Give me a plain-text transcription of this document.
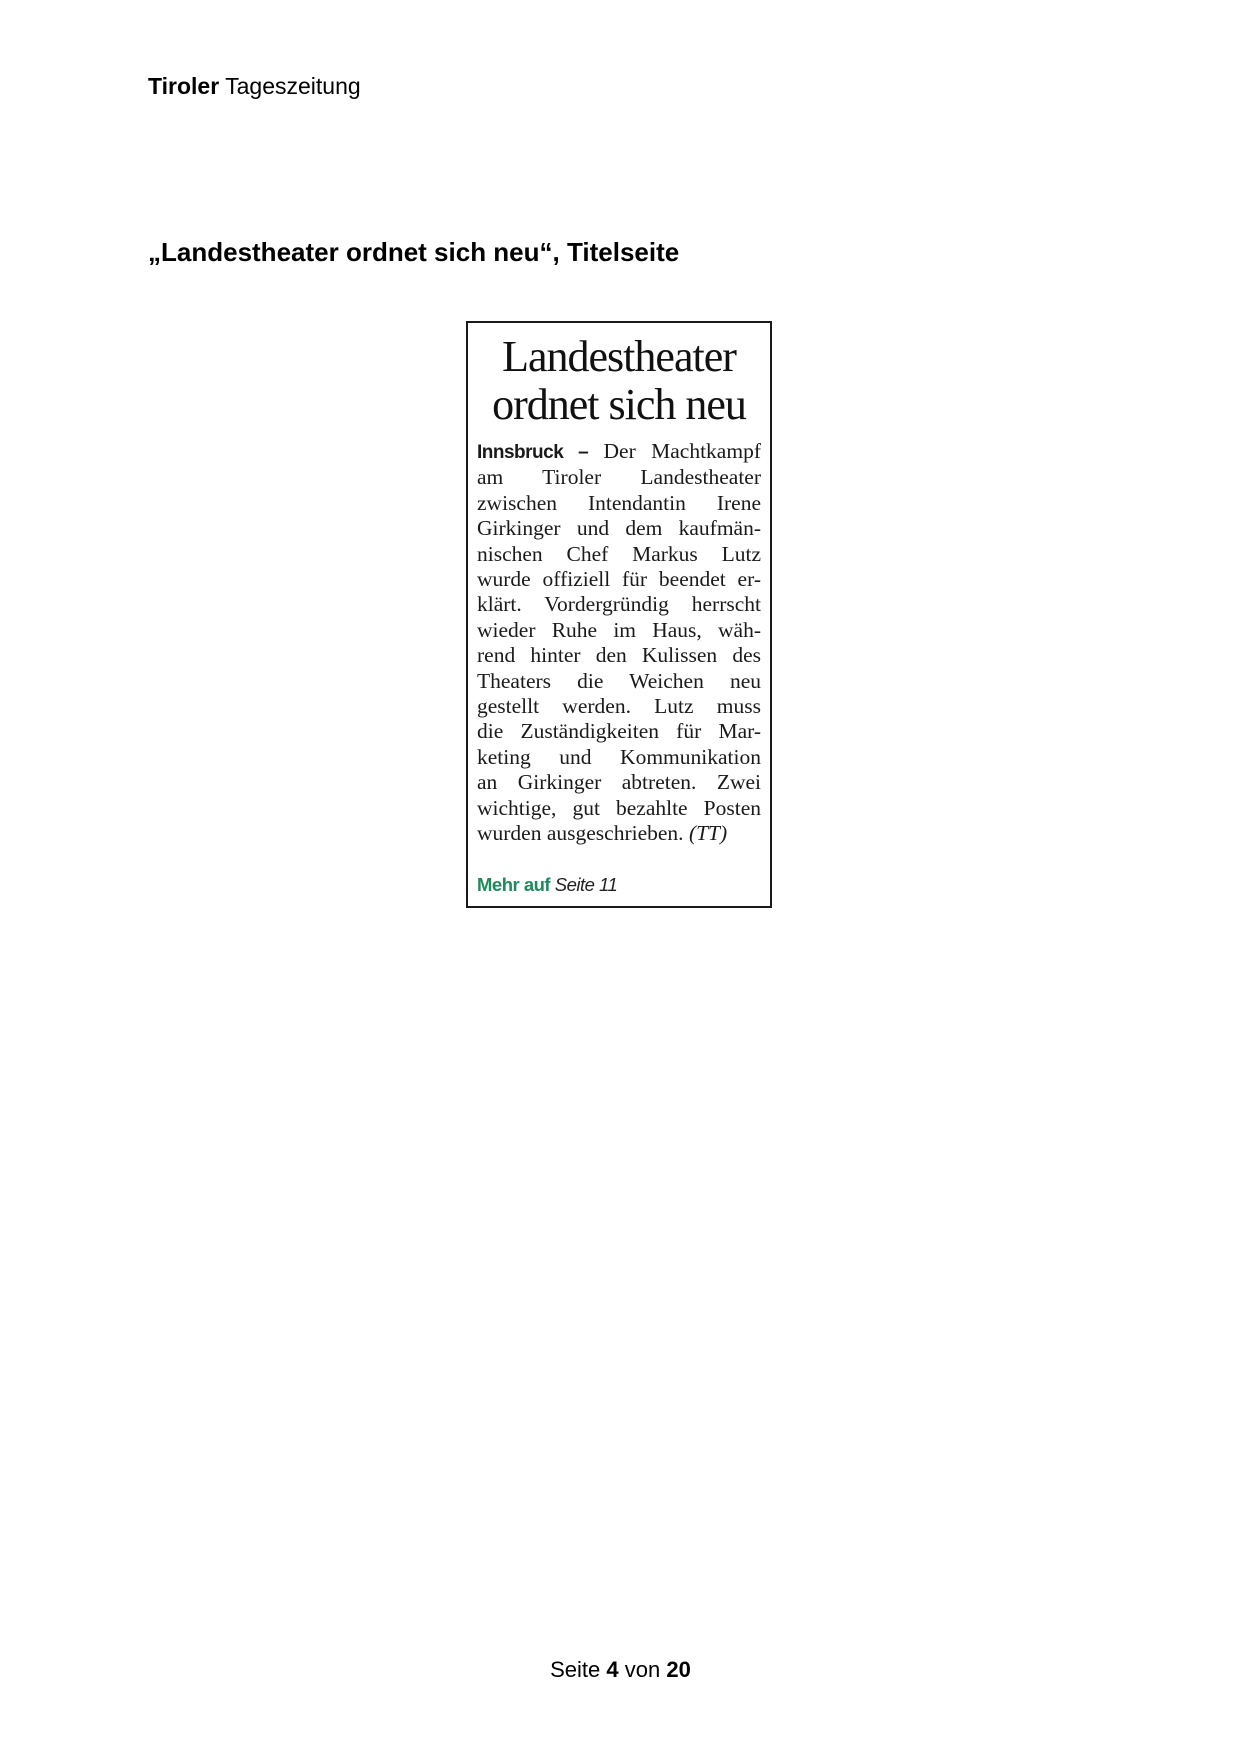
Tiroler Tageszeitung
„Landestheater ordnet sich neu“, Titelseite
Landestheater
ordnet sich neu
Innsbruck – Der Machtkampf
am Tiroler Landestheater
zwischen Intendantin Irene
Girkinger und dem kaufmän-
nischen Chef Markus Lutz
wurde offiziell für beendet er-
klärt. Vordergründig herrscht
wieder Ruhe im Haus, wäh-
rend hinter den Kulissen des
Theaters die Weichen neu
gestellt werden. Lutz muss
die Zuständigkeiten für Mar-
keting und Kommunikation
an Girkinger abtreten. Zwei
wichtige, gut bezahlte Posten
wurden ausgeschrieben. (TT)
Mehr auf Seite 11
Seite 4 von 20
